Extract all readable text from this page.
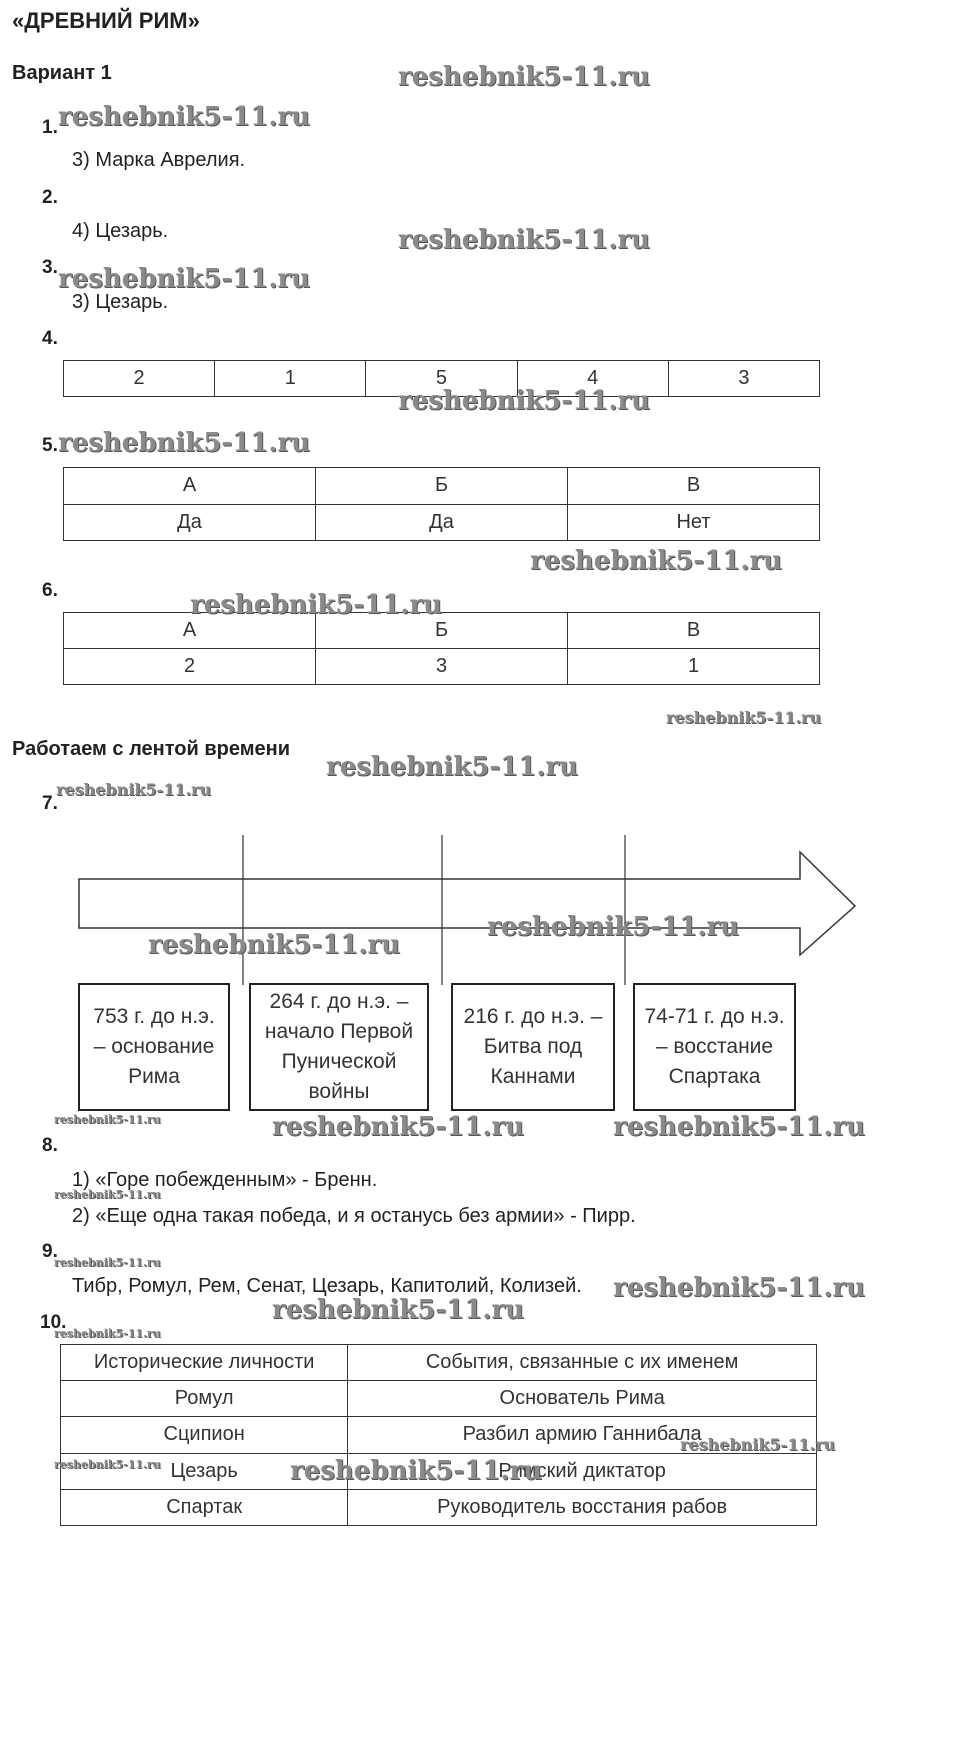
«ДРЕВНИЙ РИМ»
Вариант 1
1.
3) Марка Аврелия.
2.
4) Цезарь.
3.
3) Цезарь.
4.
2	1	5	4	3
5.
А	Б	В
Да	Да	Нет
6.
А	Б	В
2	3	1
Работаем с лентой времени
7.
753 г. до н.э. – основание Рима
264 г. до н.э. – начало Первой Пунической войны
216 г. до н.э. – Битва под Каннами
74-71 г. до н.э. – восстание Спартака
8.
1) «Горе побежденным» - Бренн.
2) «Еще одна такая победа, и я останусь без армии» - Пирр.
9.
Тибр, Ромул, Рем, Сенат, Цезарь, Капитолий, Колизей.
10.
Исторические личности	События, связанные с их именем
Ромул	Основатель Рима
Сципион	Разбил армию Ганнибала
Цезарь	Римский диктатор
Спартак	Руководитель восстания рабов
reshebnik5-11.ru
reshebnik5-11.ru
reshebnik5-11.ru
reshebnik5-11.ru
reshebnik5-11.ru
reshebnik5-11.ru
reshebnik5-11.ru
reshebnik5-11.ru
reshebnik5-11.ru
reshebnik5-11.ru
reshebnik5-11.ru
reshebnik5-11.ru
reshebnik5-11.ru
reshebnik5-11.ru	reshebnik5-11.ru	reshebnik5-11.ru
reshebnik5-11.ru
reshebnik5-11.ru
reshebnik5-11.ru
reshebnik5-11.ru
reshebnik5-11.ru
reshebnik5-11.ru
reshebnik5-11.ru	reshebnik5-11.ru
